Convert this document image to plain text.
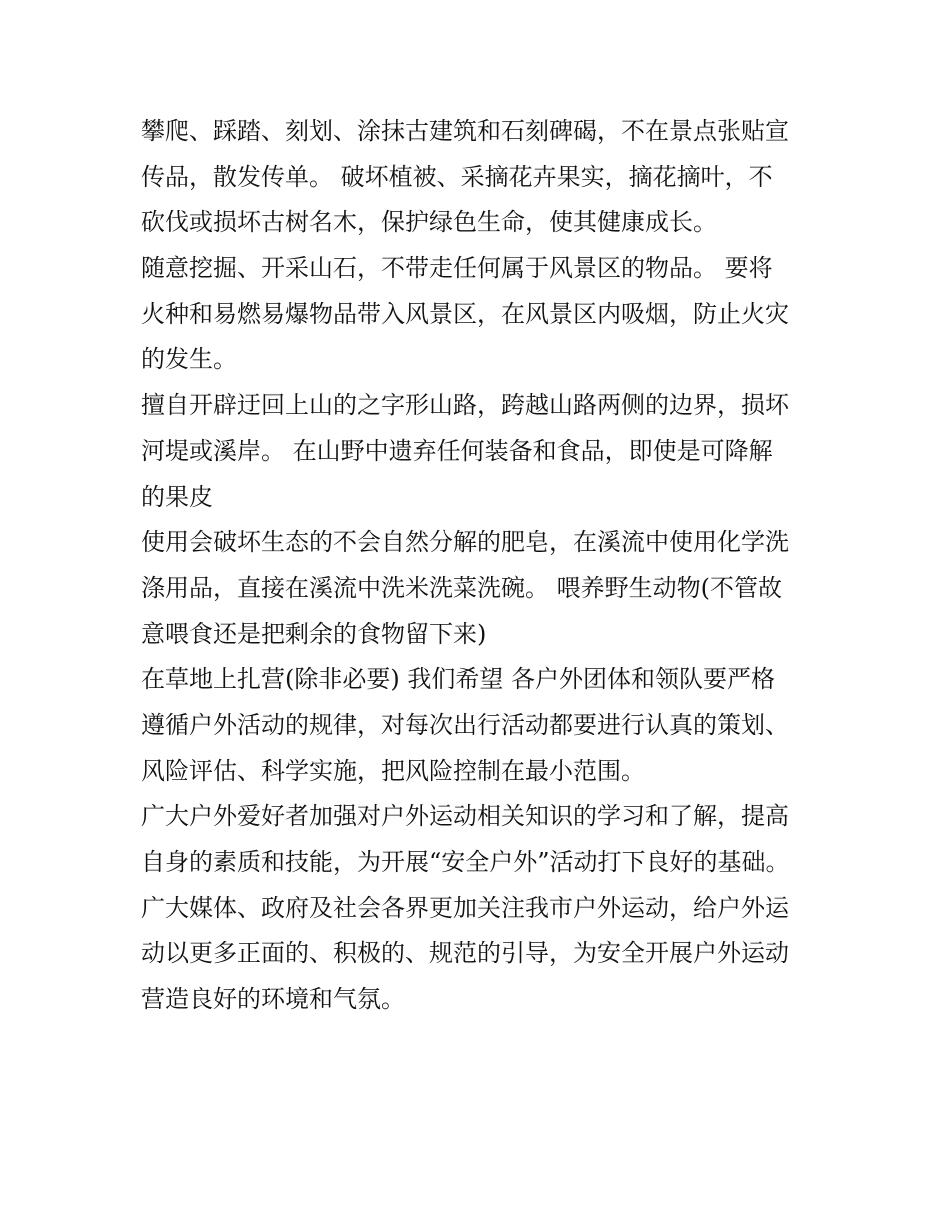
攀爬、踩踏、刻划、涂抹古建筑和石刻碑碣，不在景点张贴宣
传品，散发传单。 破坏植被、采摘花卉果实，摘花摘叶，不
砍伐或损坏古树名木，保护绿色生命，使其健康成长。
随意挖掘、开采山石，不带走任何属于风景区的物品。 要将
火种和易燃易爆物品带入风景区，在风景区内吸烟，防止火灾
的发生。
擅自开辟迂回上山的之字形山路，跨越山路两侧的边界，损坏
河堤或溪岸。 在山野中遗弃任何装备和食品，即使是可降解
的果皮
使用会破坏生态的不会自然分解的肥皂，在溪流中使用化学洗
涤用品，直接在溪流中洗米洗菜洗碗。 喂养野生动物(不管故
意喂食还是把剩余的食物留下来)
在草地上扎营(除非必要) 我们希望 各户外团体和领队要严格
遵循户外活动的规律，对每次出行活动都要进行认真的策划、
风险评估、科学实施，把风险控制在最小范围。
广大户外爱好者加强对户外运动相关知识的学习和了解，提高
自身的素质和技能，为开展“安全户外”活动打下良好的基础。
广大媒体、政府及社会各界更加关注我市户外运动，给户外运
动以更多正面的、积极的、规范的引导，为安全开展户外运动
营造良好的环境和气氛。
